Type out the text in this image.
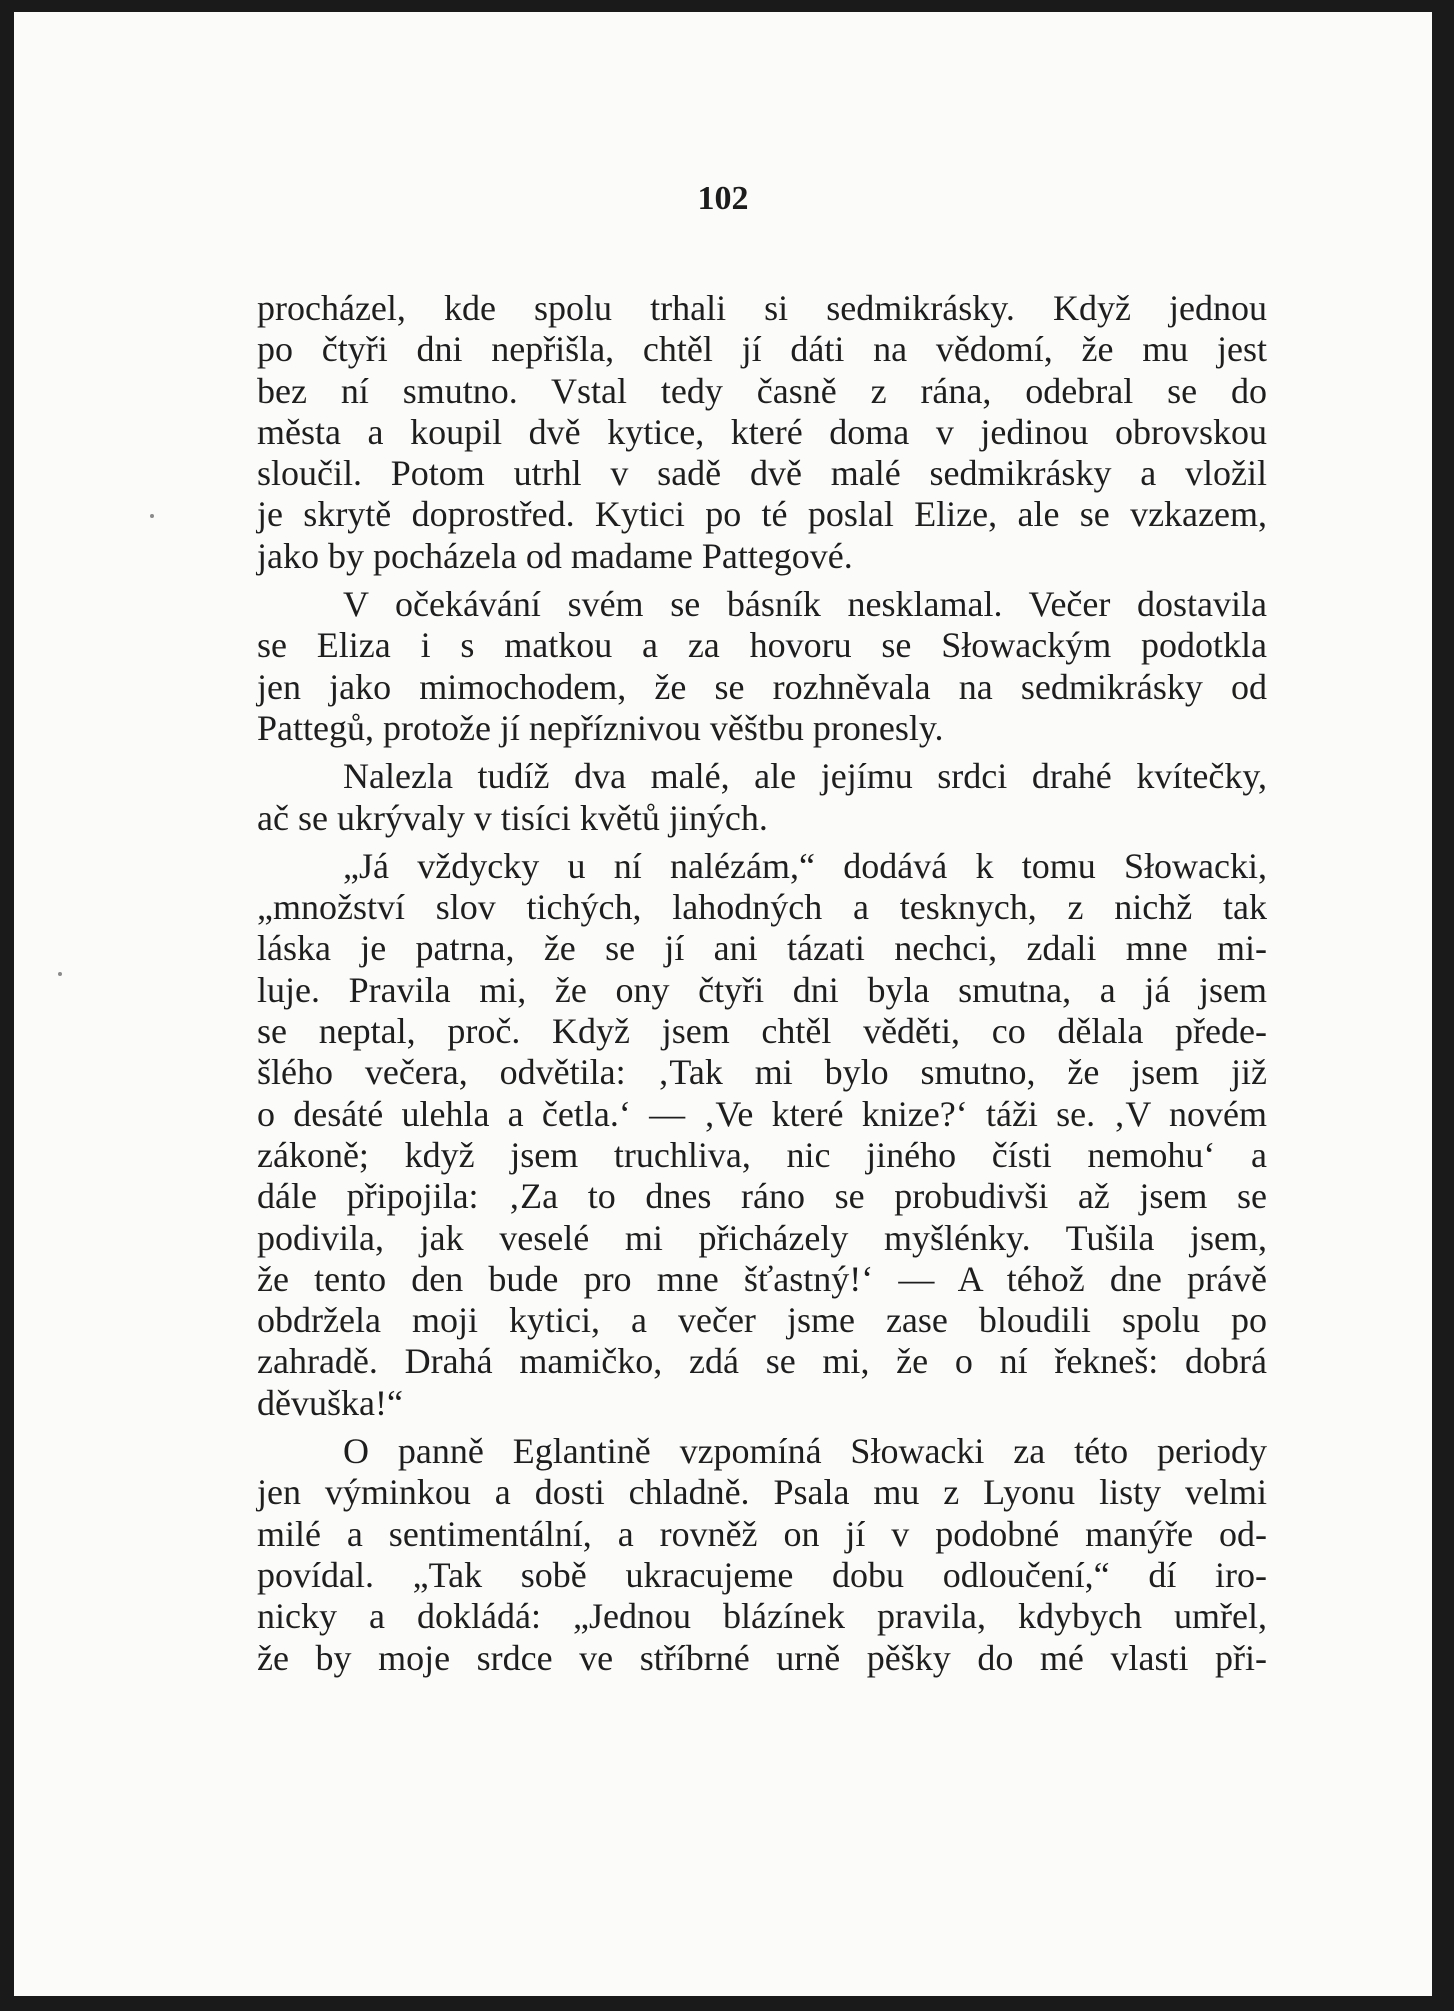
102
procházel, kde spolu trhali si sedmikrásky. Když jednou
po čtyři dni nepřišla, chtěl jí dáti na vědomí, že mu jest
bez ní smutno. Vstal tedy časně z rána, odebral se do
města a koupil dvě kytice, které doma v jedinou obrovskou
sloučil. Potom utrhl v sadě dvě malé sedmikrásky a vložil
je skrytě doprostřed. Kytici po té poslal Elize, ale se vzkazem,
jako by pocházela od madame Pattegové.
V očekávání svém se básník nesklamal. Večer dostavila
se Eliza i s matkou a za hovoru se Słowackým podotkla
jen jako mimochodem, že se rozhněvala na sedmikrásky od
Pattegů, protože jí nepříznivou věštbu pronesly.
Nalezla tudíž dva malé, ale jejímu srdci drahé kvítečky,
ač se ukrývaly v tisíci květů jiných.
„Já vždycky u ní nalézám,“ dodává k tomu Słowacki,
„množství slov tichých, lahodných a tesknych, z nichž tak
láska je patrna, že se jí ani tázati nechci, zdali mne mi-
luje. Pravila mi, že ony čtyři dni byla smutna, a já jsem
se neptal, proč. Když jsem chtěl věděti, co dělala přede-
šlého večera, odvětila: ‚Tak mi bylo smutno, že jsem již
o desáté ulehla a četla.‘ — ‚Ve které knize?‘ táži se. ‚V novém
zákoně; když jsem truchliva, nic jiného čísti nemohu‘ a
dále připojila: ‚Za to dnes ráno se probudivši až jsem se
podivila, jak veselé mi přicházely myšlénky. Tušila jsem,
že tento den bude pro mne šťastný!‘ — A téhož dne právě
obdržela moji kytici, a večer jsme zase bloudili spolu po
zahradě. Drahá mamičko, zdá se mi, že o ní řekneš: dobrá
děvuška!“
O panně Eglantině vzpomíná Słowacki za této periody
jen výminkou a dosti chladně. Psala mu z Lyonu listy velmi
milé a sentimentální, a rovněž on jí v podobné manýře od-
povídal. „Tak sobě ukracujeme dobu odloučení,“ dí iro-
nicky a dokládá: „Jednou blázínek pravila, kdybych umřel,
že by moje srdce ve stříbrné urně pěšky do mé vlasti při-
